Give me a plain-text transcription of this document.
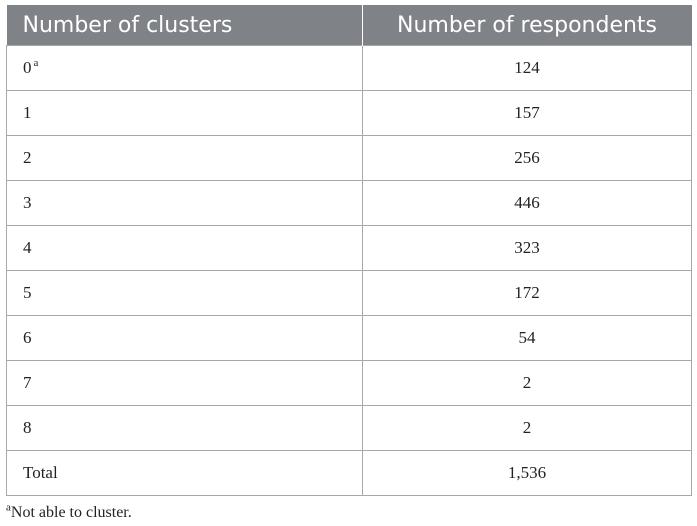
Number of clusters	Number of respondents
0 $^a$	124
1	157
2	256
3	446
4	323
5	172
6	54
7	2
8	2
Total	1,536
$^a$Not able to cluster.
